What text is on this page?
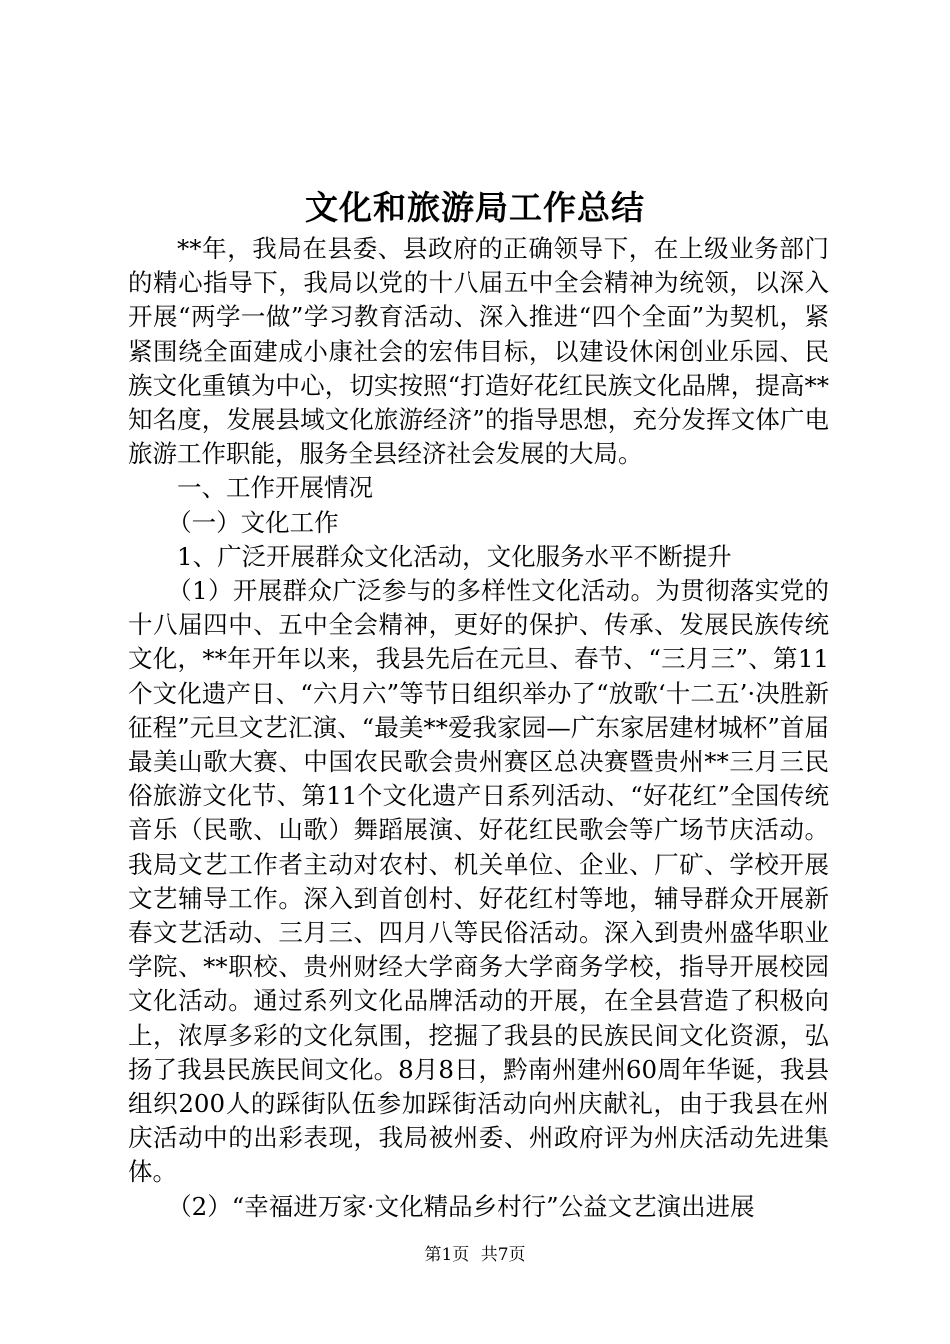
文化和旅游局工作总结

**年，我局在县委、县政府的正确领导下，在上级业务部门的精心指导下，我局以党的十八届五中全会精神为统领，以深入开展“两学一做”学习教育活动、深入推进“四个全面”为契机，紧紧围绕全面建成小康社会的宏伟目标，以建设休闲创业乐园、民族文化重镇为中心，切实按照“打造好花红民族文化品牌，提高**知名度，发展县域文化旅游经济”的指导思想，充分发挥文体广电旅游工作职能，服务全县经济社会发展的大局。

一、工作开展情况

（一）文化工作

1、广泛开展群众文化活动，文化服务水平不断提升

（1）开展群众广泛参与的多样性文化活动。为贯彻落实党的十八届四中、五中全会精神，更好的保护、传承、发展民族传统文化，**年开年以来，我县先后在元旦、春节、“三月三”、第11个文化遗产日、“六月六”等节日组织举办了“放歌‘十二五’·决胜新征程”元旦文艺汇演、“最美**爱我家园—广东家居建材城杯”首届最美山歌大赛、中国农民歌会贵州赛区总决赛暨贵州**三月三民俗旅游文化节、第11个文化遗产日系列活动、“好花红”全国传统音乐（民歌、山歌）舞蹈展演、好花红民歌会等广场节庆活动。我局文艺工作者主动对农村、机关单位、企业、厂矿、学校开展文艺辅导工作。深入到首创村、好花红村等地，辅导群众开展新春文艺活动、三月三、四月八等民俗活动。深入到贵州盛华职业学院、**职校、贵州财经大学商务大学商务学校，指导开展校园文化活动。通过系列文化品牌活动的开展，在全县营造了积极向上，浓厚多彩的文化氛围，挖掘了我县的民族民间文化资源，弘扬了我县民族民间文化。8月8日，黔南州建州60周年华诞，我县组织200人的踩街队伍参加踩街活动向州庆献礼，由于我县在州庆活动中的出彩表现，我局被州委、州政府评为州庆活动先进集体。

（2）“幸福进万家·文化精品乡村行”公益文艺演出进展

第1页 共7页
